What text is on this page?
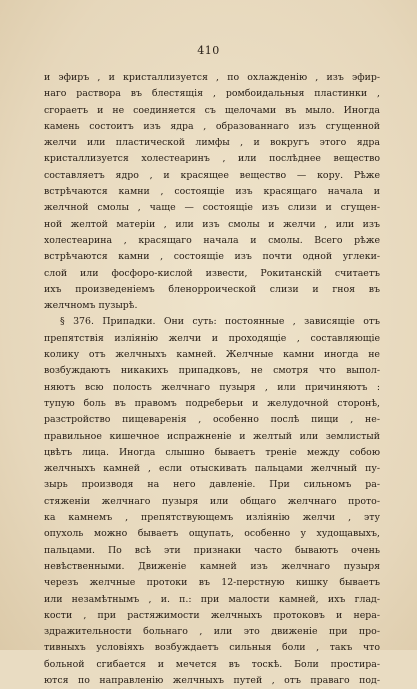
410
и эфиръ , и кристаллизуется , по охлажденію , изъ эфир-
наго раствора въ блестящія , ромбоидальныя пластинки ,
сгораетъ и не соединяется съ щелочами въ мыло. Иногда
камень состоитъ изъ ядра , образованнаго изъ сгущенной
желчи или пластической лимфы , и вокругъ этого ядра
кристаллизуется холестеаринъ , или послѣднее вещество
составляетъ ядро , и красящее вещество — кору. Рѣже
встрѣчаются камни , состоящіе изъ красящаго начала и
желчной смолы , чаще — состоящіе изъ слизи и сгущен-
ной желтой матеріи , или изъ смолы и желчи , или изъ
холестеарина , красящаго начала и смолы. Всего рѣже
встрѣчаются камни , состоящіе изъ почти одной углеки-
слой или фосфоро-кислой извести, Рокитанскій считаетъ
ихъ произведеніемъ бленорроической слизи и гноя въ
желчномъ пузырѣ.
§ 376. Припадки. Они суть: постоянные , зависящіе отъ
препятствія изліянію желчи и проходящіе , составляющіе
колику отъ желчныхъ камней. Желчные камни иногда не
возбуждаютъ никакихъ припадковъ, не смотря что выпол-
няютъ всю полость желчнаго пузыря , или причиняютъ :
тупую боль въ правомъ подреберьи и желудочной сторонѣ,
разстройство пищеваренія , особенно послѣ пищи , не-
правильное кишечное испражненіе и желтый или землистый
цвѣтъ лица. Иногда слышно бываетъ треніе между собою
желчныхъ камней , если отыскивать пальцами желчный пу-
зырь производя на него давленіе. При сильномъ ра-
стяженіи желчнаго пузыря или общаго желчнаго прото-
ка камнемъ , препятствующемъ изліянію желчи , эту
опухоль можно бываетъ ощупать, особенно у худощавыхъ,
пальцами. По всѣ эти признаки часто бываютъ очень
невѣственными. Движеніе камней изъ желчнаго пузыря
черезъ желчные протоки въ 12-перстную кишку бываетъ
или незамѣтнымъ , и. п.: при малости камней, ихъ глад-
кости , при растяжимости желчныхъ протоковъ и нера-
здражительности больнаго , или это движеніе при про-
тивныхъ условіяхъ возбуждаетъ сильныя боли , такъ что
больной сгибается и мечется въ тоскѣ. Боли простира-
ются по направленію желчныхъ путей , отъ праваго под-
